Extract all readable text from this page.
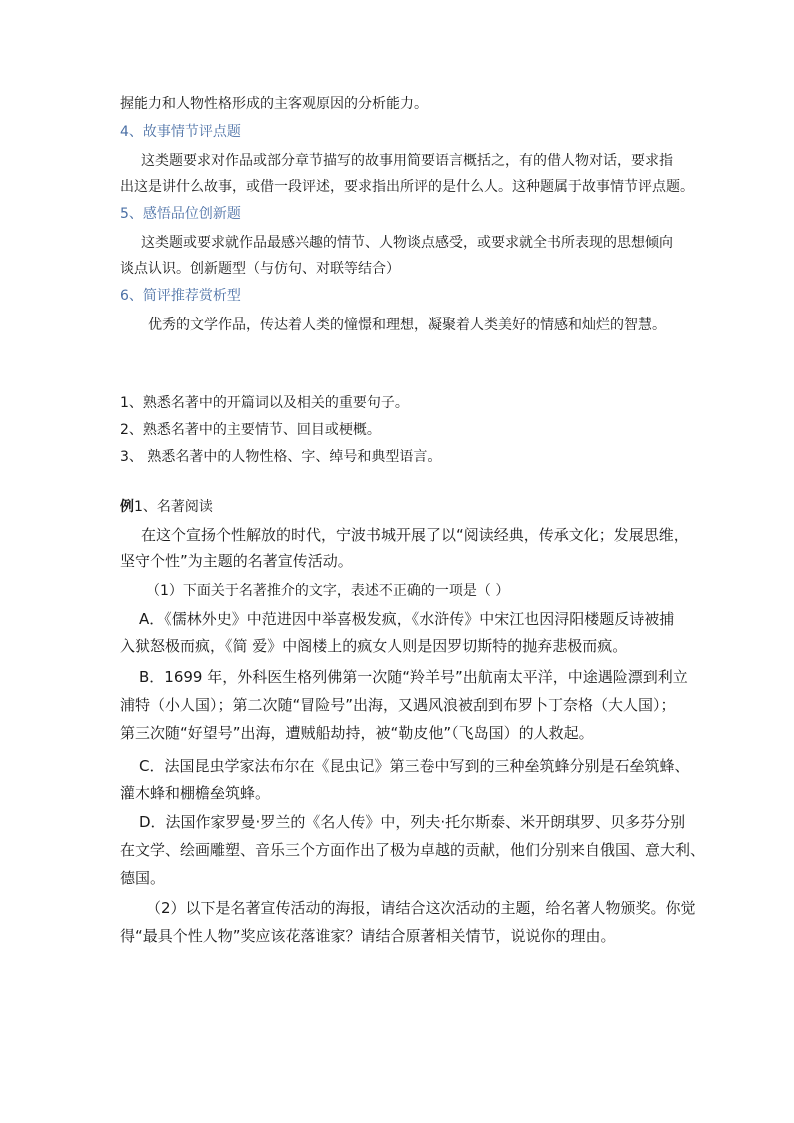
握能力和人物性格形成的主客观原因的分析能力。
4、故事情节评点题
这类题要求对作品或部分章节描写的故事用简要语言概括之，有的借人物对话，要求指
出这是讲什么故事，或借一段评述，要求指出所评的是什么人。这种题属于故事情节评点题。
5、感悟品位创新题
这类题或要求就作品最感兴趣的情节、人物谈点感受，或要求就全书所表现的思想倾向
谈点认识。创新题型（与仿句、对联等结合）
6、简评推荐赏析型
优秀的文学作品，传达着人类的憧憬和理想，凝聚着人类美好的情感和灿烂的智慧。
1、熟悉名著中的开篇词以及相关的重要句子。
2、熟悉名著中的主要情节、回目或梗概。
3、 熟悉名著中的人物性格、字、绰号和典型语言。
例1、名著阅读
在这个宣扬个性解放的时代，宁波书城开展了以“阅读经典，传承文化；发展思维，
坚守个性”为主题的名著宣传活动。
（1）下面关于名著推介的文字，表述不正确的一项是（ ）
A．《儒林外史》中范进因中举喜极发疯，《水浒传》中宋江也因浔阳楼题反诗被捕
入狱怒极而疯，《简 爱》中阁楼上的疯女人则是因罗切斯特的抛弃悲极而疯。
B．1699 年，外科医生格列佛第一次随“羚羊号”出航南太平洋，中途遇险漂到利立
浦特（小人国）；第二次随“冒险号”出海，又遇风浪被刮到布罗卜丁奈格（大人国）；
第三次随“好望号”出海，遭贼船劫持，被“勒皮他”（飞岛国）的人救起。
C．法国昆虫学家法布尔在《昆虫记》第三卷中写到的三种垒筑蜂分别是石垒筑蜂、
灌木蜂和棚檐垒筑蜂。
D．法国作家罗曼·罗兰的《名人传》中，列夫·托尔斯泰、米开朗琪罗、贝多芬分别
在文学、绘画雕塑、音乐三个方面作出了极为卓越的贡献，他们分别来自俄国、意大利、
德国。
（2）以下是名著宣传活动的海报，请结合这次活动的主题，给名著人物颁奖。你觉
得“最具个性人物”奖应该花落谁家？请结合原著相关情节，说说你的理由。
